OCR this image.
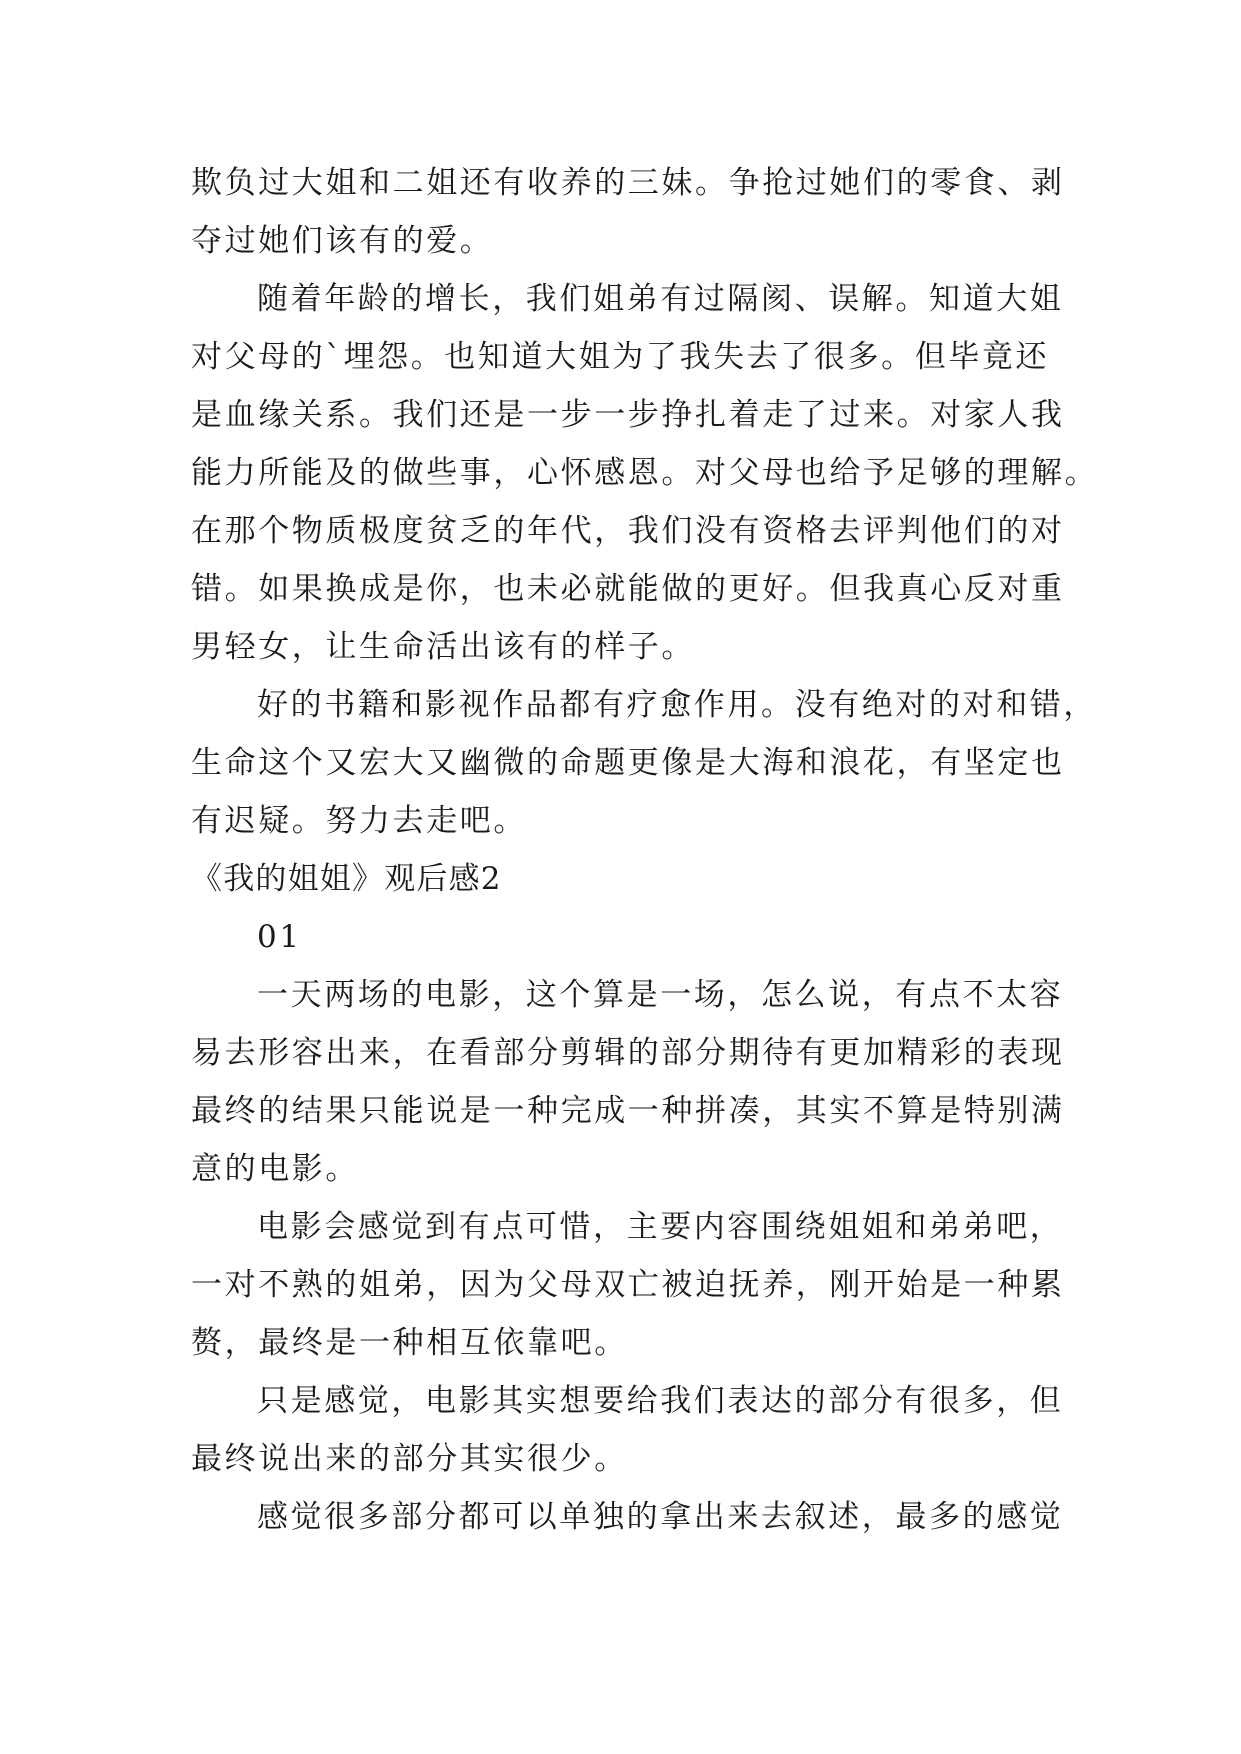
欺负过大姐和二姐还有收养的三妹。争抢过她们的零食、剥
夺过她们该有的爱。
随着年龄的增长，我们姐弟有过隔阂、误解。知道大姐
对父母的`埋怨。也知道大姐为了我失去了很多。但毕竟还
是血缘关系。我们还是一步一步挣扎着走了过来。对家人我
能力所能及的做些事，心怀感恩。对父母也给予足够的理解。
在那个物质极度贫乏的年代，我们没有资格去评判他们的对
错。如果换成是你，也未必就能做的更好。但我真心反对重
男轻女，让生命活出该有的样子。
好的书籍和影视作品都有疗愈作用。没有绝对的对和错，
生命这个又宏大又幽微的命题更像是大海和浪花，有坚定也
有迟疑。努力去走吧。
《我的姐姐》观后感2
01
一天两场的电影，这个算是一场，怎么说，有点不太容
易去形容出来，在看部分剪辑的部分期待有更加精彩的表现
最终的结果只能说是一种完成一种拼凑，其实不算是特别满
意的电影。
电影会感觉到有点可惜，主要内容围绕姐姐和弟弟吧，
一对不熟的姐弟，因为父母双亡被迫抚养，刚开始是一种累
赘，最终是一种相互依靠吧。
只是感觉，电影其实想要给我们表达的部分有很多，但
最终说出来的部分其实很少。
感觉很多部分都可以单独的拿出来去叙述，最多的感觉
